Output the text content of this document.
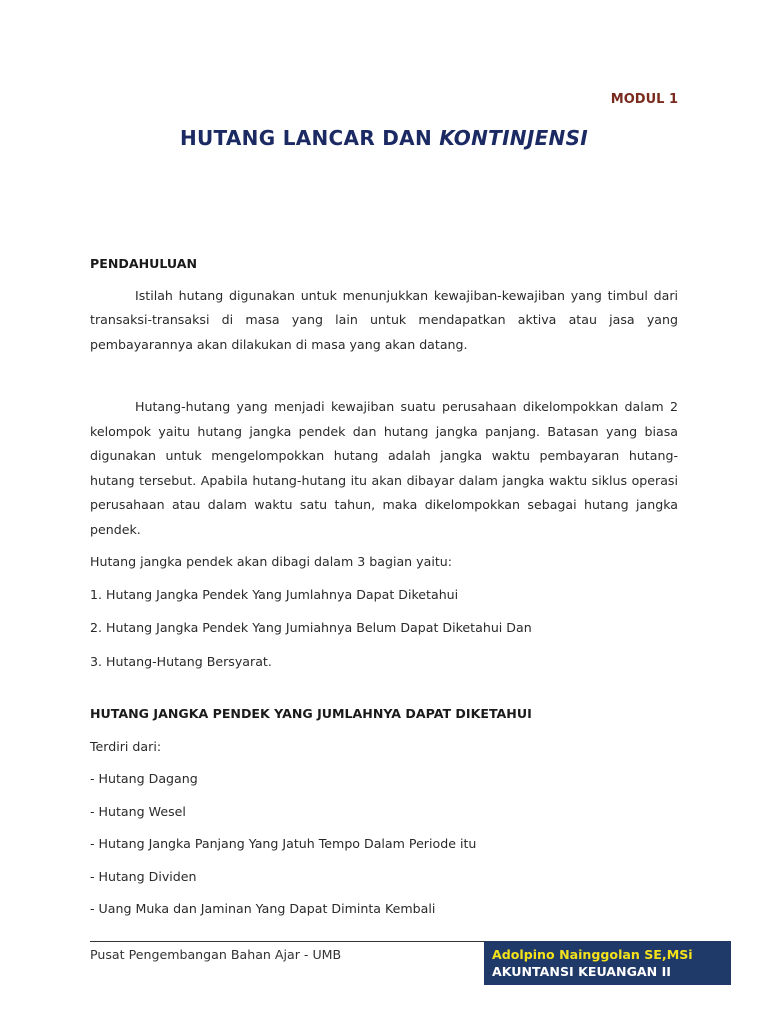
MODUL 1
HUTANG LANCAR DAN KONTINJENSI

PENDAHULUAN

Istilah hutang digunakan untuk menunjukkan kewajiban-kewajiban yang timbul dari transaksi-transaksi di masa yang lain untuk mendapatkan aktiva atau jasa yang pembayarannya akan dilakukan di masa yang akan datang.

Hutang-hutang yang menjadi kewajiban suatu perusahaan dikelompokkan dalam 2 kelompok yaitu hutang jangka pendek dan hutang jangka panjang. Batasan yang biasa digunakan untuk mengelompokkan hutang adalah jangka waktu pembayaran hutang- hutang tersebut. Apabila hutang-hutang itu akan dibayar dalam jangka waktu siklus operasi perusahaan atau dalam waktu satu tahun, maka dikelompokkan sebagai hutang jangka pendek.

Hutang jangka pendek akan dibagi dalam 3 bagian yaitu:

1. Hutang Jangka Pendek Yang Jumlahnya Dapat Diketahui

2. Hutang Jangka Pendek Yang Jumiahnya Belum Dapat Diketahui Dan

3. Hutang-Hutang Bersyarat.

HUTANG JANGKA PENDEK YANG JUMLAHNYA DAPAT DIKETAHUI

Terdiri dari:

- Hutang Dagang

- Hutang Wesel

- Hutang Jangka Panjang Yang Jatuh Tempo Dalam Periode itu

- Hutang Dividen

- Uang Muka dan Jaminan Yang Dapat Diminta Kembali

Pusat Pengembangan Bahan Ajar - UMB	Adolpino Nainggolan SE,MSi
AKUNTANSI KEUANGAN II
